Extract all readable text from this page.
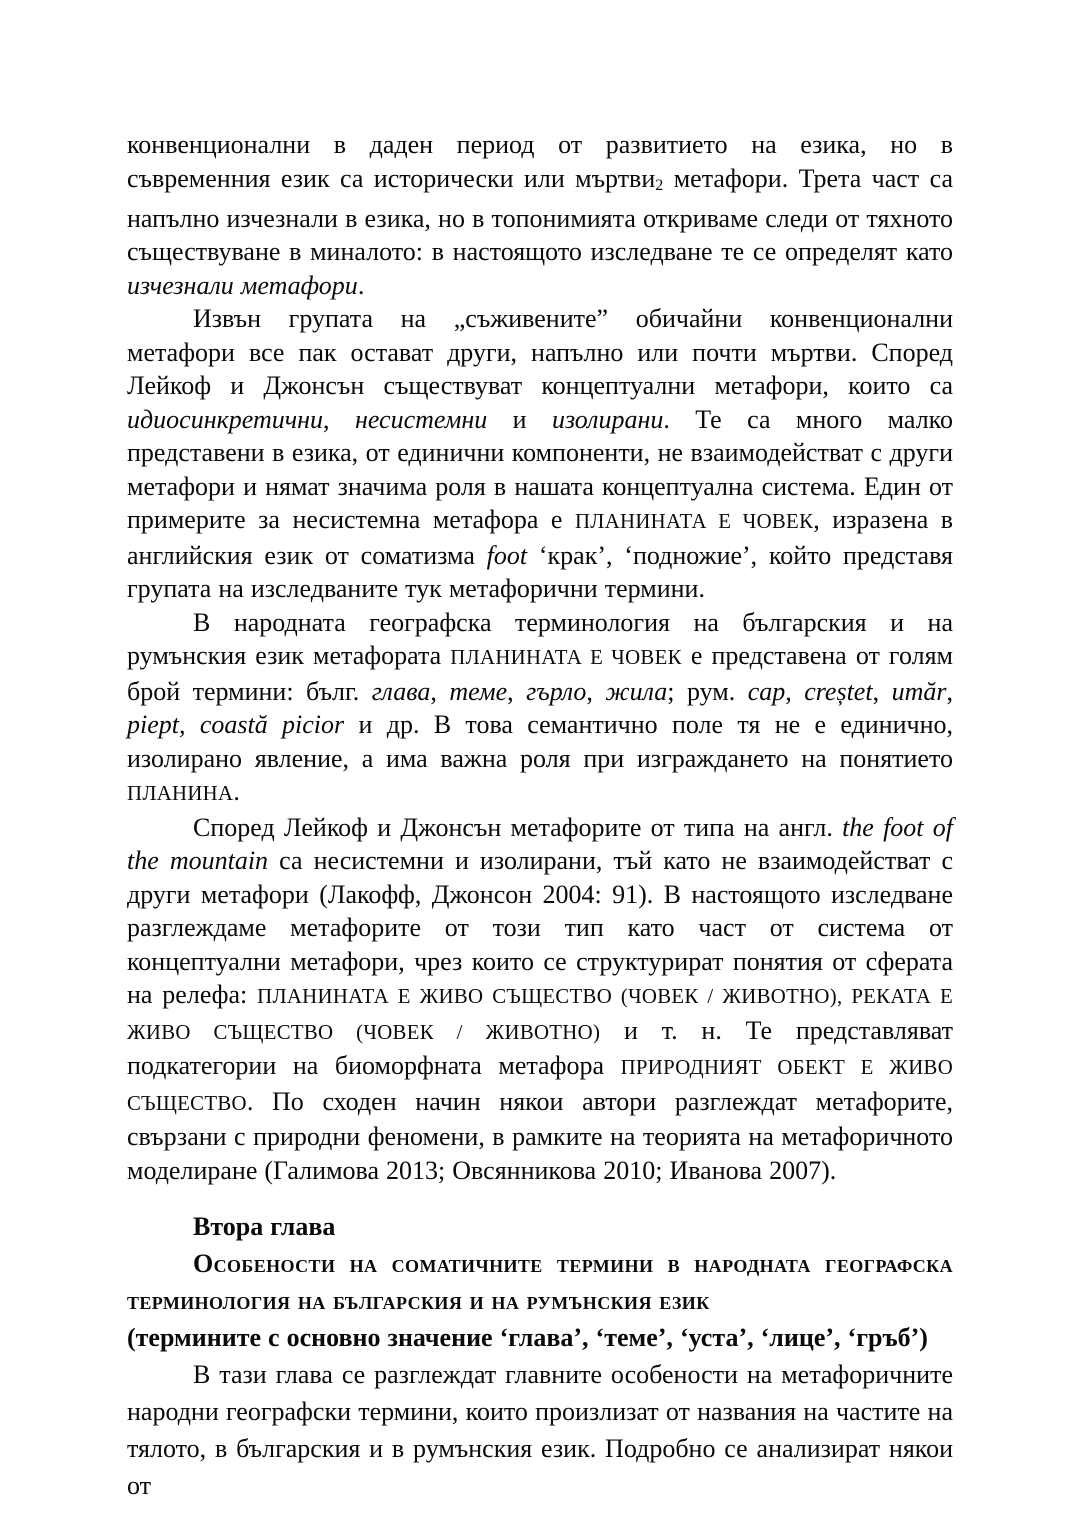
конвенционални в даден период от развитието на езика, но в съвременния език са исторически или мъртви2 метафори. Трета част са напълно изчезнали в езика, но в топонимията откриваме следи от тяхното съществуване в миналото: в настоящото изследване те се определят като изчезнали метафори.

Извън групата на „съживените” обичайни конвенционални метафори все пак остават други, напълно или почти мъртви. Според Лейкоф и Джонсън съществуват концептуални метафори, които са идиосинкретични, несистемни и изолирани. Те са много малко представени в езика, от единични компоненти, не взаимодействат с други метафори и нямат значима роля в нашата концептуална система. Един от примерите за несистемна метафора е ПЛАНИНАТА Е ЧОВЕК, изразена в английския език от соматизма foot ‘крак’, ‘подножие’, който представя групата на изследваните тук метафорични термини.

В народната географска терминология на българския и на румънския език метафората ПЛАНИНАТА Е ЧОВЕК е представена от голям брой термини: бълг. глава, теме, гърло, жила; рум. cap, creștet, umăr, piept, coastă picior и др. В това семантично поле тя не е единично, изолирано явление, а има важна роля при изграждането на понятието ПЛАНИНА.

Според Лейкоф и Джонсън метафорите от типа на англ. the foot of the mountain са несистемни и изолирани, тъй като не взаимодействат с други метафори (Лакофф, Джонсон 2004: 91). В настоящото изследване разглеждаме метафорите от този тип като част от система от концептуални метафори, чрез които се структурират понятия от сферата на релефа: ПЛАНИНАТА Е ЖИВО СЪЩЕСТВО (ЧОВЕК / ЖИВОТНО), РЕКАТА Е ЖИВО СЪЩЕСТВО (ЧОВЕК / ЖИВОТНО) и т. н. Те представляват подкатегории на биоморфната метафора ПРИРОДНИЯТ ОБЕКТ Е ЖИВО СЪЩЕСТВО. По сходен начин някои автори разглеждат метафорите, свързани с природни феномени, в рамките на теорията на метафоричното моделиране (Галимова 2013; Овсянникова 2010; Иванова 2007).

Втора глава

Особености на соматичните термини в народната географска терминология на българския и на румънския език

(термините с основно значение ‘глава’, ‘теме’, ‘уста’, ‘лице’, ‘гръб’)

В тази глава се разглеждат главните особености на метафоричните народни географски термини, които произлизат от названия на частите на тялото, в българския и в румънския език. Подробно се анализират някои от
